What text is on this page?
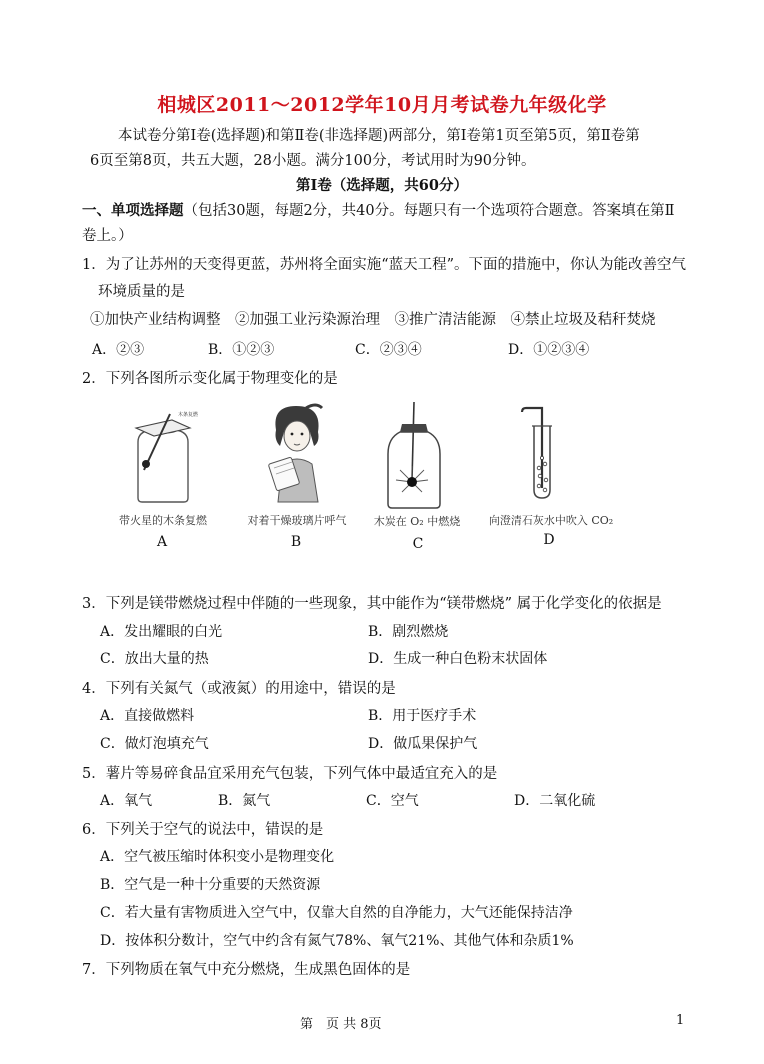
相城区2011～2012学年10月月考试卷九年级化学
本试卷分第Ⅰ卷(选择题)和第Ⅱ卷(非选择题)两部分，第Ⅰ卷第1页至第5页，第Ⅱ卷第
6页至第8页，共五大题，28小题。满分100分，考试用时为90分钟。
第Ⅰ卷（选择题，共60分）
一、单项选择题（包括30题，每题2分，共40分。每题只有一个选项符合题意。答案填在第Ⅱ
卷上。）
1．为了让苏州的天变得更蓝，苏州将全面实施“蓝天工程”。下面的措施中，你认为能改善空气
环境质量的是
①加快产业结构调整　②加强工业污染源治理　③推广清洁能源　④禁止垃圾及秸秆焚烧
A．②③	B．①②③	C．②③④	D．①②③④
2．下列各图所示变化属于物理变化的是
木条复燃
带火星的木条复燃	对着干燥玻璃片呼气	木炭在 O₂ 中燃烧	向澄清石灰水中吹入 CO₂
A	B	C	D
3．下列是镁带燃烧过程中伴随的一些现象，其中能作为“镁带燃烧” 属于化学变化的依据是
A．发出耀眼的白光	B．剧烈燃烧
C．放出大量的热	D．生成一种白色粉末状固体
4．下列有关氮气（或液氮）的用途中，错误的是
A．直接做燃料	B．用于医疗手术
C．做灯泡填充气	D．做瓜果保护气
5．薯片等易碎食品宜采用充气包装，下列气体中最适宜充入的是
A．氧气	B．氮气	C．空气	D．二氧化硫
6．下列关于空气的说法中，错误的是
A．空气被压缩时体积变小是物理变化
B．空气是一种十分重要的天然资源
C．若大量有害物质进入空气中，仅靠大自然的自净能力，大气还能保持洁净
D．按体积分数计，空气中约含有氮气78%、氧气21%、其他气体和杂质1%
7．下列物质在氧气中充分燃烧，生成黑色固体的是
第　页 共 8页	1
